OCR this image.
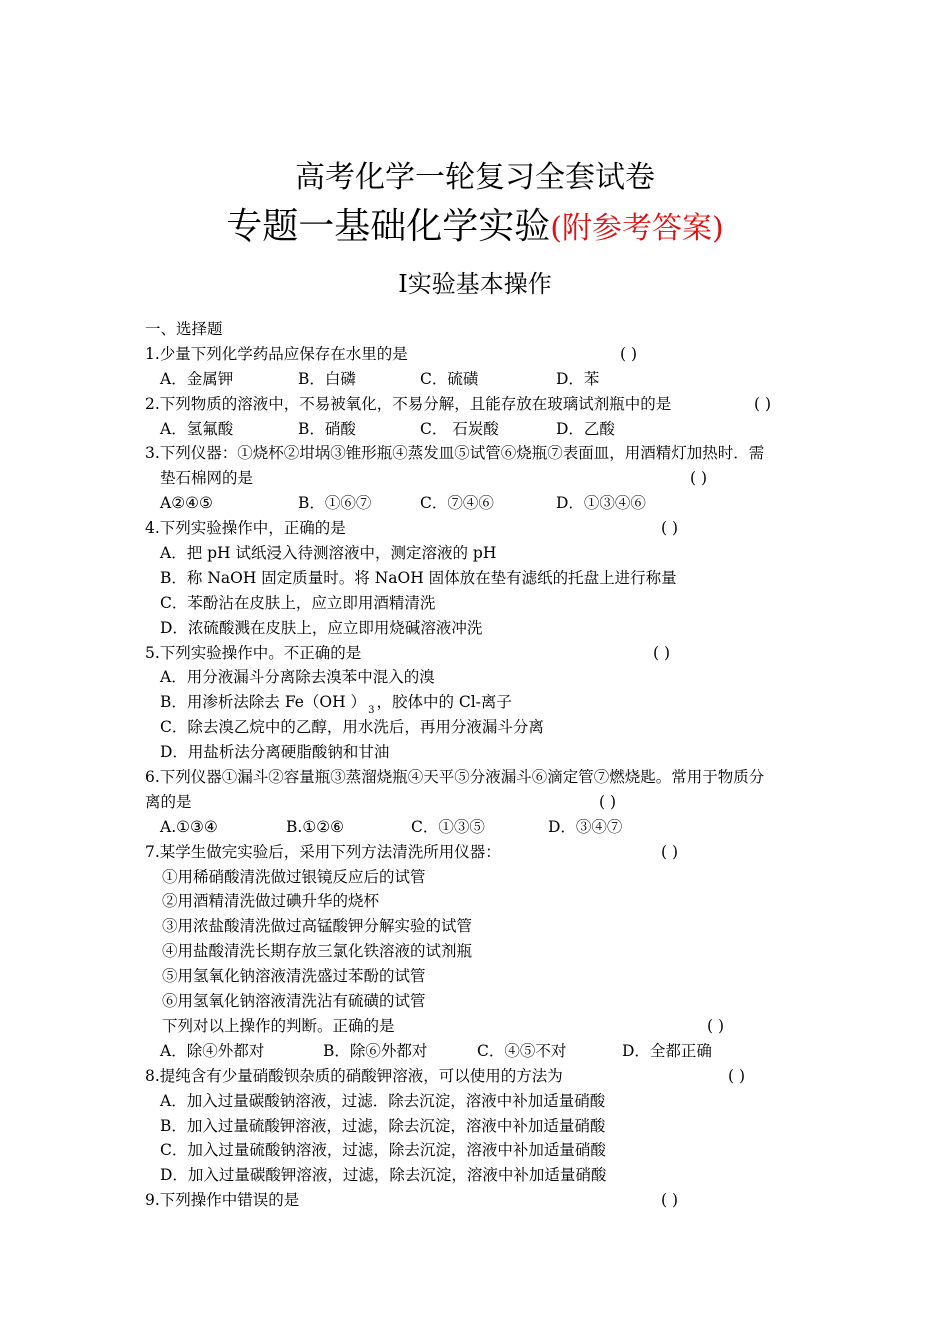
高考化学一轮复习全套试卷
专题一基础化学实验(附参考答案)
Ⅰ实验基本操作
一、选择题
1.少量下列化学药品应保存在水里的是	( )
A．金属钾	B．白磷	C．硫磺	D．苯
2.下列物质的溶液中，不易被氧化，不易分解，且能存放在玻璃试剂瓶中的是	( )
A．氢氟酸	B．硝酸	C． 石炭酸	D．乙酸
3.下列仪器：①烧杯②坩埚③锥形瓶④蒸发皿⑤试管⑥烧瓶⑦表面皿，用酒精灯加热时．需
垫石棉网的是	( )
A②④⑤	B．①⑥⑦	C．⑦④⑥	D．①③④⑥
4.下列实验操作中，正确的是	( )
A．把 pH 试纸浸入待测溶液中，测定溶液的 pH
B．称 NaOH 固定质量时。将 NaOH 固体放在垫有滤纸的托盘上进行称量
C．苯酚沾在皮肤上，应立即用酒精清洗
D．浓硫酸溅在皮肤上，应立即用烧碱溶液冲洗
5.下列实验操作中。不正确的是	( )
A．用分液漏斗分离除去溴苯中混入的溴
B．用渗析法除去 Fe（OH ） $_3$ ，胶体中的 Cl-离子
C．除去溴乙烷中的乙醇，用水洗后，再用分液漏斗分离
D．用盐析法分离硬脂酸钠和甘油
6.下列仪器①漏斗②容量瓶③蒸溜烧瓶④天平⑤分液漏斗⑥滴定管⑦燃烧匙。常用于物质分
离的是	( )
A.①③④	B.①②⑥	C．①③⑤	D．③④⑦
7.某学生做完实验后，采用下列方法清洗所用仪器：	( )
①用稀硝酸清洗做过银镜反应后的试管
②用酒精清洗做过碘升华的烧杯
③用浓盐酸清洗做过高锰酸钾分解实验的试管
④用盐酸清洗长期存放三氯化铁溶液的试剂瓶
⑤用氢氧化钠溶液清洗盛过苯酚的试管
⑥用氢氧化钠溶液清洗沾有硫磺的试管
下列对以上操作的判断。正确的是	( )
A．除④外都对	B．除⑥外都对	C．④⑤不对	D．全都正确
8.提纯含有少量硝酸钡杂质的硝酸钾溶液，可以使用的方法为	( )
A．加入过量碳酸钠溶液，过滤．除去沉淀，溶液中补加适量硝酸
B．加入过量硫酸钾溶液，过滤，除去沉淀，溶液中补加适量硝酸
C．加入过量硫酸钠溶液，过滤，除去沉淀，溶液中补加适量硝酸
D．加入过量碳酸钾溶液，过滤，除去沉淀，溶液中补加适量硝酸
9.下列操作中错误的是	( )
